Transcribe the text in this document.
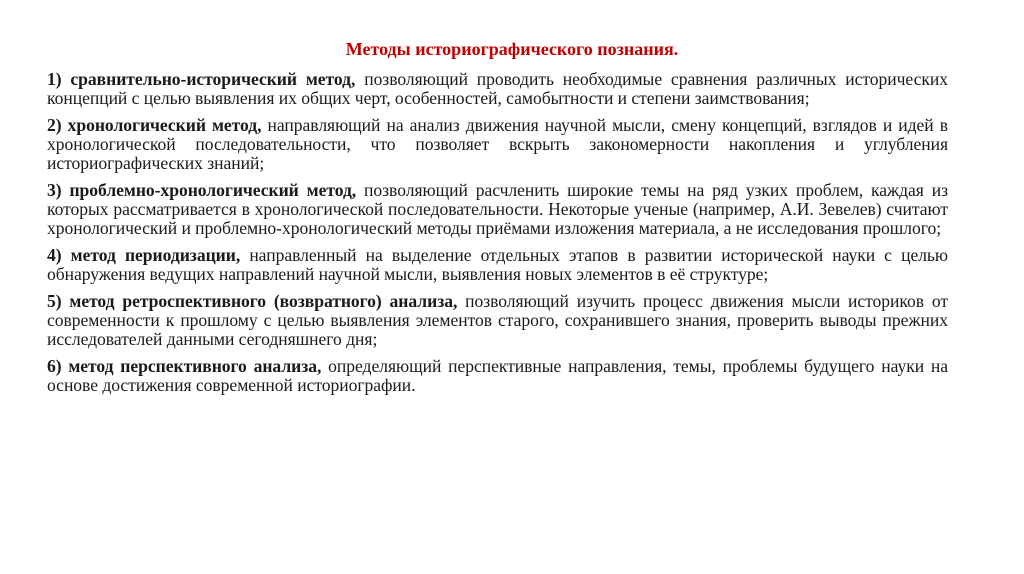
Методы историографического познания.

1) сравнительно-исторический метод, позволяющий проводить необходимые сравнения различных исторических концепций с целью выявления их общих черт, особенностей, самобытности и степени заимствования;

2) хронологический метод, направляющий на анализ движения научной мысли, смену концепций, взглядов и идей в хронологической последовательности, что позволяет вскрыть закономерности накопления и углубления историографических знаний;

3) проблемно-хронологический метод, позволяющий расчленить широкие темы на ряд узких проблем, каждая из которых рассматривается в хронологической последовательности. Некоторые ученые (например, А.И. Зевелев) считают хронологический и проблемно-хронологический методы приёмами изложения материала, а не исследования прошлого;

4) метод периодизации, направленный на выделение отдельных этапов в развитии исторической науки с целью обнаружения ведущих направлений научной мысли, выявления новых элементов в её структуре;

5) метод ретроспективного (возвратного) анализа, позволяющий изучить процесс движения мысли историков от современности к прошлому с целью выявления элементов старого, сохранившего знания, проверить выводы прежних исследователей данными сегодняшнего дня;

6) метод перспективного анализа, определяющий перспективные направления, темы, проблемы будущего науки на основе достижения современной историографии.
